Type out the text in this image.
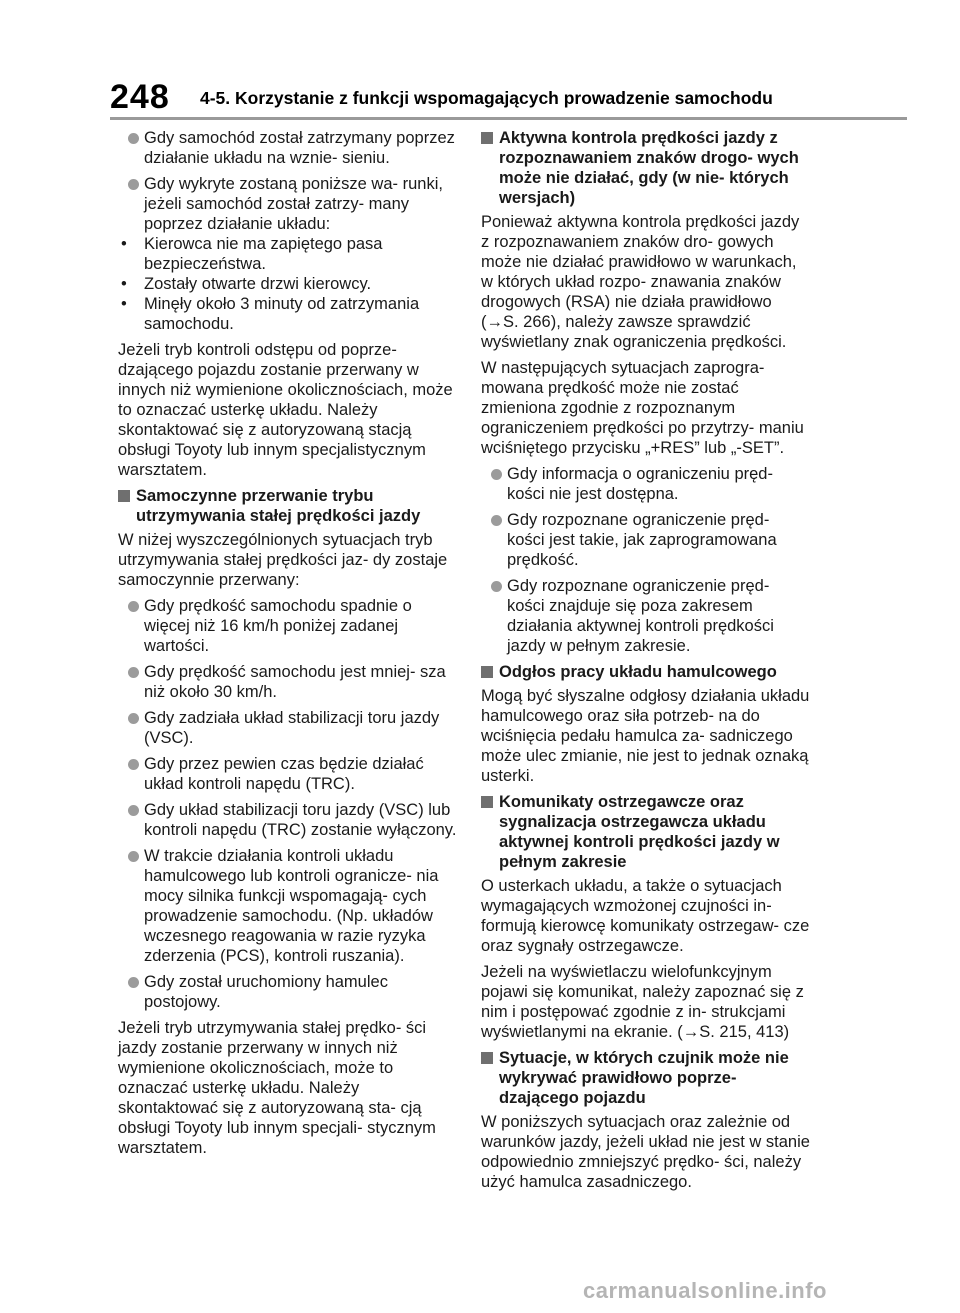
248 4-5. Korzystanie z funkcji wspomagających prowadzenie samochodu
Gdy samochód został zatrzymany poprzez działanie układu na wznie- sieniu.
Gdy wykryte zostaną poniższe wa- runki, jeżeli samochód został zatrzy- many poprzez działanie układu:
• Kierowca nie ma zapiętego pasa bezpieczeństwa.
• Zostały otwarte drzwi kierowcy.
• Minęły około 3 minuty od zatrzymania samochodu.

Jeżeli tryb kontroli odstępu od poprze- dzającego pojazdu zostanie przerwany w innych niż wymienione okolicznościach, może to oznaczać usterkę układu. Należy skontaktować się z autoryzowaną stacją obsługi Toyoty lub innym specjalistycznym warsztatem.

Samoczynne przerwanie trybu utrzymywania stałej prędkości jazdy

W niżej wyszczególnionych sytuacjach tryb utrzymywania stałej prędkości jaz- dy zostaje samoczynnie przerwany:

Gdy prędkość samochodu spadnie o więcej niż 16 km/h poniżej zadanej wartości.
Gdy prędkość samochodu jest mniej- sza niż około 30 km/h.
Gdy zadziała układ stabilizacji toru jazdy (VSC).
Gdy przez pewien czas będzie działać układ kontroli napędu (TRC).
Gdy układ stabilizacji toru jazdy (VSC) lub kontroli napędu (TRC) zostanie wyłączony.
W trakcie działania kontroli układu hamulcowego lub kontroli ogranicze- nia mocy silnika funkcji wspomagają- cych prowadzenie samochodu. (Np. układów wczesnego reagowania w razie ryzyka zderzenia (PCS), kontroli ruszania).
Gdy został uruchomiony hamulec postojowy.

Jeżeli tryb utrzymywania stałej prędko- ści jazdy zostanie przerwany w innych niż wymienione okolicznościach, może to oznaczać usterkę układu. Należy skontaktować się z autoryzowaną sta- cją obsługi Toyoty lub innym specjali- stycznym warsztatem.

Aktywna kontrola prędkości jazdy z rozpoznawaniem znaków drogo- wych może nie działać, gdy (w nie- których wersjach)

Ponieważ aktywna kontrola prędkości jazdy z rozpoznawaniem znaków dro- gowych może nie działać prawidłowo w warunkach, w których układ rozpo- znawania znaków drogowych (RSA) nie działa prawidłowo (→S. 266), należy zawsze sprawdzić wyświetlany znak ograniczenia prędkości.

W następujących sytuacjach zaprogra- mowana prędkość może nie zostać zmieniona zgodnie z rozpoznanym ograniczeniem prędkości po przytrzy- maniu wciśniętego przycisku „+RES” lub „-SET”.

Gdy informacja o ograniczeniu pręd- kości nie jest dostępna.
Gdy rozpoznane ograniczenie pręd- kości jest takie, jak zaprogramowana prędkość.
Gdy rozpoznane ograniczenie pręd- kości znajduje się poza zakresem działania aktywnej kontroli prędkości jazdy w pełnym zakresie.
Odgłos pracy układu hamulcowego

Mogą być słyszalne odgłosy działania układu hamulcowego oraz siła potrzeb- na do wciśnięcia pedału hamulca za- sadniczego może ulec zmianie, nie jest to jednak oznaką usterki.

Komunikaty ostrzegawcze oraz sygnalizacja ostrzegawcza układu aktywnej kontroli prędkości jazdy w pełnym zakresie

O usterkach układu, a także o sytuacjach wymagających wzmożonej czujności in- formują kierowcę komunikaty ostrzegaw- cze oraz sygnały ostrzegawcze.

Jeżeli na wyświetlaczu wielofunkcyjnym pojawi się komunikat, należy zapoznać się z nim i postępować zgodnie z in- strukcjami wyświetlanymi na ekranie. (→S. 215, 413)

Sytuacje, w których czujnik może nie wykrywać prawidłowo poprze- dzającego pojazdu

W poniższych sytuacjach oraz zależnie od warunków jazdy, jeżeli układ nie jest w stanie odpowiednio zmniejszyć prędko- ści, należy użyć hamulca zasadniczego.

carmanualsonline.info
